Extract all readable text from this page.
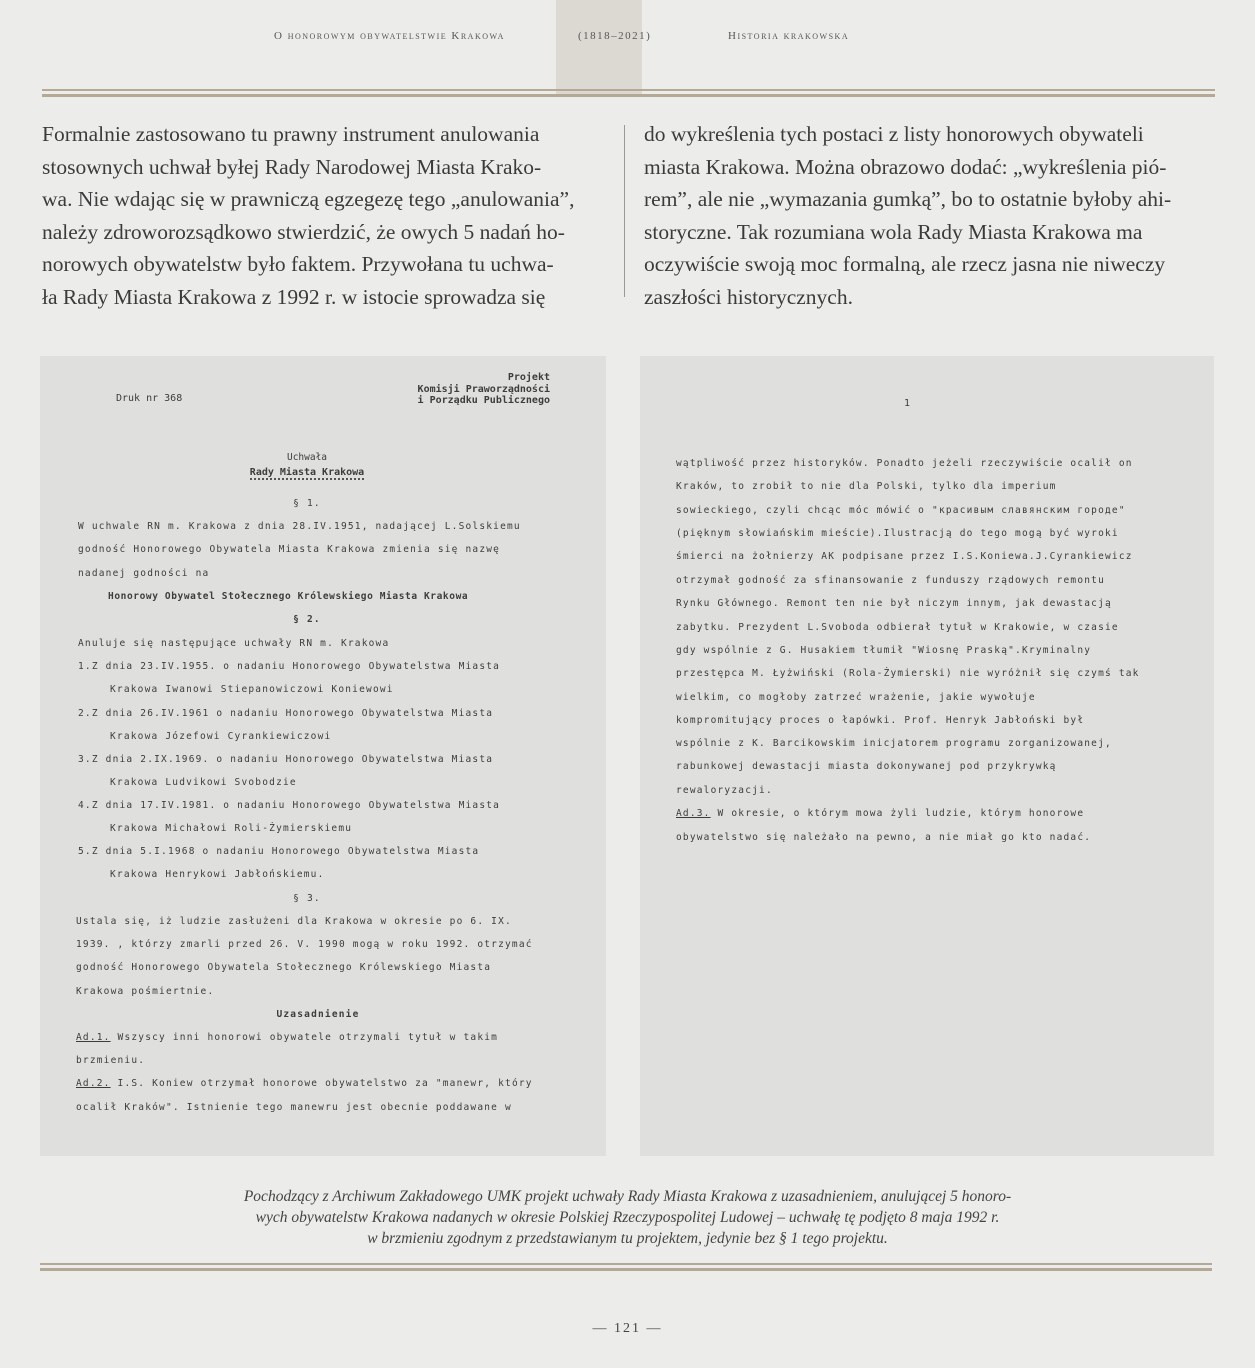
O honorowym obywatelstwie Krakowa	(1818–2021)	Historia krakowska

Formalnie zastosowano tu prawny instrument anulowania

stosownych uchwał byłej Rady Narodowej Miasta Krako-

wa. Nie wdając się w prawniczą egzegezę tego „anulowania”,

należy zdroworozsądkowo stwierdzić, że owych 5 nadań ho-

norowych obywatelstw było faktem. Przywołana tu uchwa-

ła Rady Miasta Krakowa z 1992 r. w istocie sprowadza się

do wykreślenia tych postaci z listy honorowych obywateli

miasta Krakowa. Można obrazowo dodać: „wykreślenia pió-

rem”, ale nie „wymazania gumką”, bo to ostatnie byłoby ahi-

storyczne. Tak rozumiana wola Rady Miasta Krakowa ma

oczywiście swoją moc formalną, ale rzecz jasna nie niweczy

zaszłości historycznych.

Projekt
Komisji Praworządności
i Porządku Publicznego
Druk nr 368
Uchwała
Rady Miasta Krakowa
§ 1.
W uchwale RN m. Krakowa z dnia 28.IV.1951, nadającej L.Solskiemu
godność Honorowego Obywatela Miasta Krakowa zmienia się nazwę
nadanej godności na
Honorowy Obywatel Stołecznego Królewskiego Miasta Krakowa
§ 2.
Anuluje się następujące uchwały RN m. Krakowa
1.Z dnia 23.IV.1955. o nadaniu Honorowego Obywatelstwa Miasta
Krakowa Iwanowi Stiepanowiczowi Koniewowi
2.Z dnia 26.IV.1961 o nadaniu Honorowego Obywatelstwa Miasta
Krakowa Józefowi Cyrankiewiczowi
3.Z dnia 2.IX.1969. o nadaniu Honorowego Obywatelstwa Miasta
Krakowa Ludvikowi Svobodzie
4.Z dnia 17.IV.1981. o nadaniu Honorowego Obywatelstwa Miasta
Krakowa Michałowi Roli-Żymierskiemu
5.Z dnia 5.I.1968 o nadaniu Honorowego Obywatelstwa Miasta
Krakowa Henrykowi Jabłońskiemu.
§ 3.
Ustala się, iż ludzie zasłużeni dla Krakowa w okresie po 6. IX.
1939. , którzy zmarli przed 26. V. 1990 mogą w roku 1992. otrzymać
godność Honorowego Obywatela Stołecznego Królewskiego Miasta
Krakowa pośmiertnie.
Uzasadnienie
Ad.1. Wszyscy inni honorowi obywatele otrzymali tytuł w takim
brzmieniu.
Ad.2. I.S. Koniew otrzymał honorowe obywatelstwo za "manewr, który
ocalił Kraków". Istnienie tego manewru jest obecnie poddawane w
1
wątpliwość przez historyków. Ponadto jeżeli rzeczywiście ocalił on
Kraków, to zrobił to nie dla Polski, tylko dla imperium
sowieckiego, czyli chcąc móc mówić o "красивым славянским городе"
(pięknym słowiańskim mieście).Ilustracją do tego mogą być wyroki
śmierci na żołnierzy AK podpisane przez I.S.Koniewa.J.Cyrankiewicz
otrzymał godność za sfinansowanie z funduszy rządowych remontu
Rynku Głównego. Remont ten nie był niczym innym, jak dewastacją
zabytku. Prezydent L.Svoboda odbierał tytuł w Krakowie, w czasie
gdy wspólnie z G. Husakiem tłumił "Wiosnę Praską".Kryminalny
przestępca M. Łyżwiński (Rola-Żymierski) nie wyróżnił się czymś tak
wielkim, co mogłoby zatrzeć wrażenie, jakie wywołuje
kompromitujący proces o łapówki. Prof. Henryk Jabłoński był
wspólnie z K. Barcikowskim inicjatorem programu zorganizowanej,
rabunkowej dewastacji miasta dokonywanej pod przykrywką
rewaloryzacji.
Ad.3. W okresie, o którym mowa żyli ludzie, którym honorowe
obywatelstwo się należało na pewno, a nie miał go kto nadać.

Pochodzący z Archiwum Zakładowego UMK projekt uchwały Rady Miasta Krakowa z uzasadnieniem, anulującej 5 honoro-

wych obywatelstw Krakowa nadanych w okresie Polskiej Rzeczypospolitej Ludowej – uchwałę tę podjęto 8 maja 1992 r.

w brzmieniu zgodnym z przedstawianym tu projektem, jedynie bez § 1 tego projektu.

— 121 —
